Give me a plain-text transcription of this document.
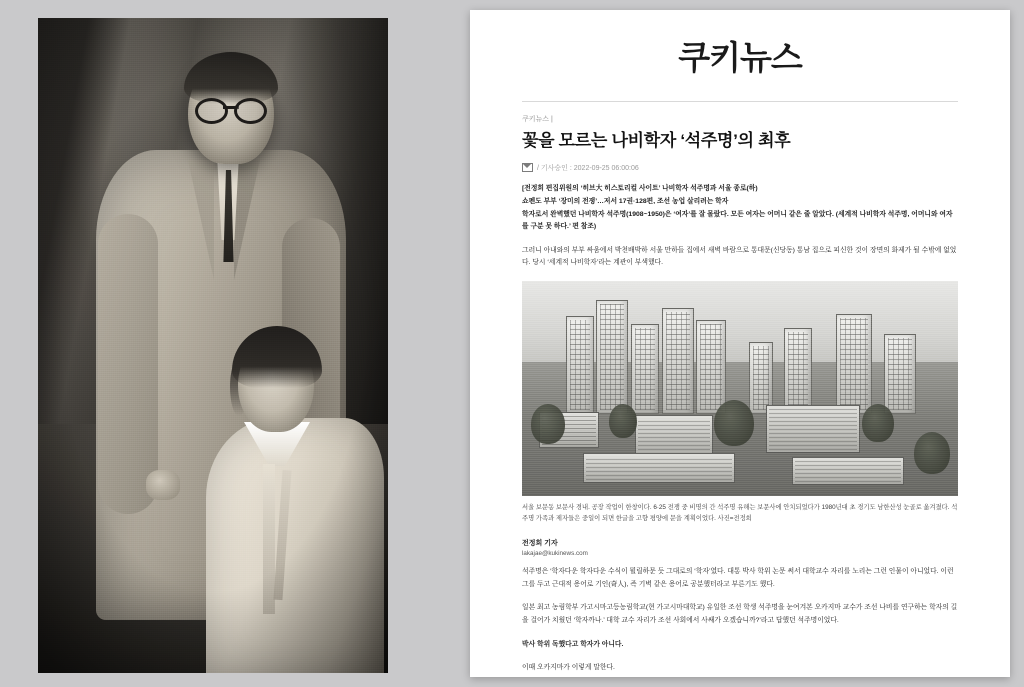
쿠키뉴스
쿠키뉴스 |
꽃을 모르는 나비학자 ‘석주명’의 최후
/ 기사승인 : 2022-09-25 06:00:06
[전정희 편집위원의 ‘히브大 히스토리컬 사이트’ 나비학자 석주명과 서울 종로(하)
쇼펜도 부부 ‘장미의 전쟁’…저서 17권·128편, 조선 농업 살리려는 학자
학자로서 완벽했던 나비학자 석주명(1908~1950)은 ‘여자’를 잘 몰랐다. 모든 여자는 어머니 같은 줄 알았다. (세계적 나비학자 석주명, 어머니와 여자를 구분 못 하다.’ 편 참조)
그러니 아내와의 부부 싸움에서 박천배박하 서울 만하들 집에서 새벽 바람으로 통대문(신당동) 통남 집으로 피신한 것이 장면의 화제가 될 수밖에 없었다. 당시 ‘세계적 나비학자’라는 계관이 부색했다.
서울 보문동 보문사 경내. 공장 작업이 한창이다. 6·25 전쟁 중 비명의 간 석주명 유해는 보문사에 안치되었다가 1980년대 초 경기도 남한산성 눈골로 옮겨졌다. 석주명 가족과 제자들은 중일이 되면 한글을 고향 평양에 문을 계획이었다. 사진=전정희
전정희 기자
lakajae@kukinews.com
석주명은 ‘학자다운 학자다운 수식이 뭘릴하문 듯 그대로의 ‘학자’였다. 대통 박사 학위 논문 써서 대학교수 자리를 노리는 그런 인물이 아니었다. 이런 그를 두고 근대적 용어로 기인(奇人), 즉 기벽 같은 용어로 공분했터라고 부른기도 했다.
일본 최고 농림학부 가고시마고등농림학교(현 가고시마대학교) 유일한 조선 학생 석주명을 눈여겨본 오카지마 교수가 조선 나비를 연구하는 학자의 길을 걸어가 치웠던 ‘학자까나.’ 대학 교수 자리가 조선 사회에서 사쌔가 오겠습니까?’라고 답했던 석주명이었다.
박사 학위 독했다고 학자가 아니다.
이때 오카지마가 이렇게 말한다.
